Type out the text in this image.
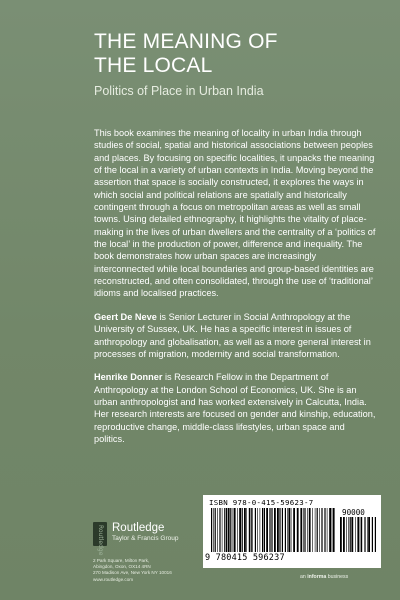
THE MEANING OF
THE LOCAL
Politics of Place in Urban India

This book examines the meaning of locality in urban India through studies of social, spatial and historical associations between peoples and places. By focusing on specific localities, it unpacks the meaning of the local in a variety of urban contexts in India. Moving beyond the assertion that space is socially constructed, it explores the ways in which social and political relations are spatially and historically contingent through a focus on metropolitan areas as well as small towns. Using detailed ethnography, it highlights the vitality of place-making in the lives of urban dwellers and the centrality of a ‘politics of the local’ in the production of power, difference and inequality. The book demonstrates how urban spaces are increasingly interconnected while local boundaries and group-based identities are reconstructed, and often consolidated, through the use of ‘traditional’ idioms and localised practices.

Geert De Neve is Senior Lecturer in Social Anthropology at the University of Sussex, UK. He has a specific interest in issues of anthropology and globalisation, as well as a more general interest in processes of migration, modernity and social transformation.

Henrike Donner is Research Fellow in the Department of Anthropology at the London School of Economics, UK. She is an urban anthropologist and has worked extensively in Calcutta, India. Her research interests are focused on gender and kinship, education, reproductive change, middle-class lifestyles, urban space and politics.

Routledge Routledge
Taylor & Francis Group
2 Park Square, Milton Park,
Abingdon, Oxon, OX14 4RN
270 Madison Ave, New York NY 10016
www.routledge.com
ISBN 978-0-415-59623-7
90000
9 780415 596237
an informa business
